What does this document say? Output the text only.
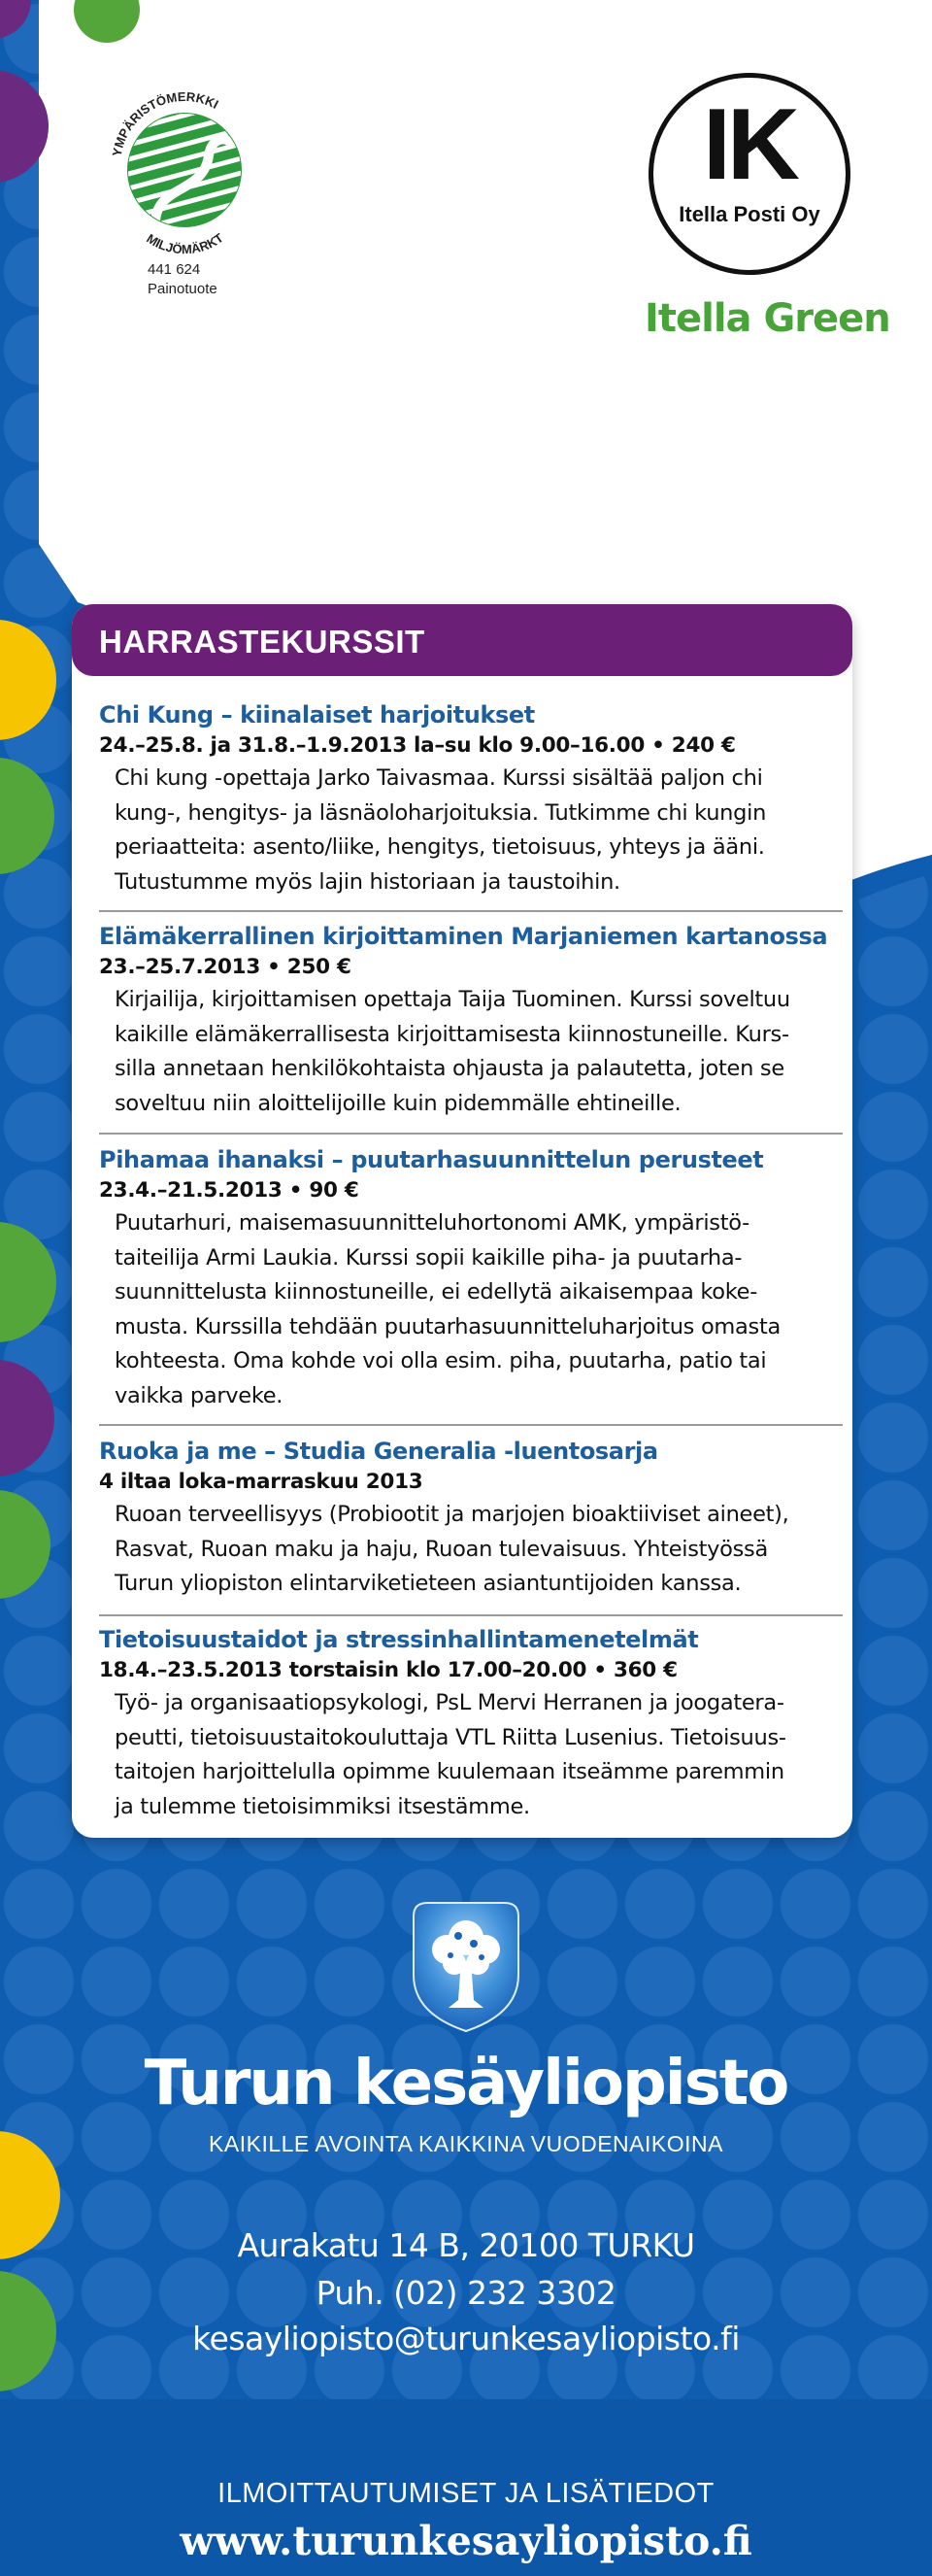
YMPÄRISTÖMERKKI
MILJÖMÄRKT
441 624
Painotuote
IK
Itella Posti Oy
Itella Green
HARRASTEKURSSIT
Chi Kung – kiinalaiset harjoitukset
24.–25.8. ja 31.8.–1.9.2013 la–su klo 9.00–16.00 • 240 €
Chi kung -opettaja Jarko Taivasmaa. Kurssi sisältää paljon chi
kung-, hengitys- ja läsnäoloharjoituksia. Tutkimme chi kungin
periaatteita: asento/liike, hengitys, tietoisuus, yhteys ja ääni.
Tutustumme myös lajin historiaan ja taustoihin.
Elämäkerrallinen kirjoittaminen Marjaniemen kartanossa
23.–25.7.2013 • 250 €
Kirjailija, kirjoittamisen opettaja Taija Tuominen. Kurssi soveltuu
kaikille elämäkerrallisesta kirjoittamisesta kiinnostuneille. Kurs-
silla annetaan henkilökohtaista ohjausta ja palautetta, joten se
soveltuu niin aloittelijoille kuin pidemmälle ehtineille.
Pihamaa ihanaksi – puutarhasuunnittelun perusteet
23.4.–21.5.2013 • 90 €
Puutarhuri, maisemasuunnitteluhortonomi AMK, ympäristö-
taiteilija Armi Laukia. Kurssi sopii kaikille piha- ja puutarha-
suunnittelusta kiinnostuneille, ei edellytä aikaisempaa koke-
musta. Kurssilla tehdään puutarhasuunnitteluharjoitus omasta
kohteesta. Oma kohde voi olla esim. piha, puutarha, patio tai
vaikka parveke.
Ruoka ja me – Studia Generalia -luentosarja
4 iltaa loka-marraskuu 2013
Ruoan terveellisyys (Probiootit ja marjojen bioaktiiviset aineet),
Rasvat, Ruoan maku ja haju, Ruoan tulevaisuus. Yhteistyössä
Turun yliopiston elintarviketieteen asiantuntijoiden kanssa.
Tietoisuustaidot ja stressinhallintamenetelmät
18.4.–23.5.2013 torstaisin klo 17.00–20.00 • 360 €
Työ- ja organisaatiopsykologi, PsL Mervi Herranen ja joogatera-
peutti, tietoisuustaitokouluttaja VTL Riitta Lusenius. Tietoisuus-
taitojen harjoittelulla opimme kuulemaan itseämme paremmin
ja tulemme tietoisimmiksi itsestämme.
Turun kesäyliopisto
KAIKILLE AVOINTA KAIKKINA VUODENAIKOINA
Aurakatu 14 B, 20100 TURKU
Puh. (02) 232 3302
kesayliopisto@turunkesayliopisto.fi
ILMOITTAUTUMISET JA LISÄTIEDOT
www.turunkesayliopisto.fi
